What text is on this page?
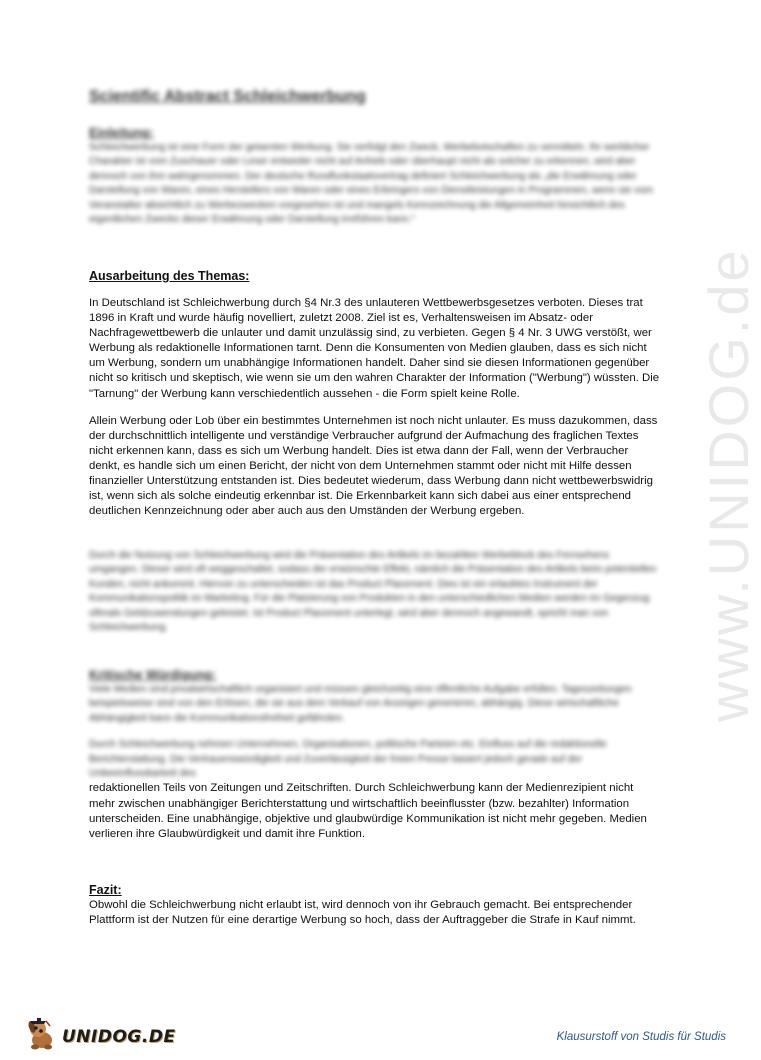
www.UNIDOG.de
Scientific Abstract Schleichwerbung

Einleitung:

Schleichwerbung ist eine Form der getarnten Werbung. Sie verfolgt den Zweck, Werbebotschaften zu vermitteln. Ihr werblicher Charakter ist vom Zuschauer oder Leser entweder nicht auf Anhieb oder überhaupt nicht als solcher zu erkennen, wird aber dennoch von ihm wahrgenommen. Der deutsche Rundfunkstaatsvertrag definiert Schleichwerbung als „die Erwähnung oder Darstellung von Waren, eines Herstellers von Waren oder eines Erbringers von Dienstleistungen in Programmen, wenn sie vom Veranstalter absichtlich zu Werbezwecken vorgesehen ist und mangels Kennzeichnung die Allgemeinheit hinsichtlich des eigentlichen Zwecks dieser Erwähnung oder Darstellung irreführen kann.“

Ausarbeitung des Themas:

In Deutschland ist Schleichwerbung durch §4 Nr.3 des unlauteren Wettbewerbsgesetzes verboten. Dieses trat 1896 in Kraft und wurde häufig novelliert, zuletzt 2008. Ziel ist es, Verhaltensweisen im Absatz- oder Nachfragewettbewerb die unlauter und damit unzulässig sind, zu verbieten. Gegen § 4 Nr. 3 UWG verstößt, wer Werbung als redaktionelle Informationen tarnt. Denn die Konsumenten von Medien glauben, dass es sich nicht um Werbung, sondern um unabhängige Informationen handelt. Daher sind sie diesen Informationen gegenüber nicht so kritisch und skeptisch, wie wenn sie um den wahren Charakter der Information ("Werbung") wüssten. Die "Tarnung" der Werbung kann verschiedentlich aussehen - die Form spielt keine Rolle.

Allein Werbung oder Lob über ein bestimmtes Unternehmen ist noch nicht unlauter. Es muss dazukommen, dass der durchschnittlich intelligente und verständige Verbraucher aufgrund der Aufmachung des fraglichen Textes nicht erkennen kann, dass es sich um Werbung handelt. Dies ist etwa dann der Fall, wenn der Verbraucher denkt, es handle sich um einen Bericht, der nicht von dem Unternehmen stammt oder nicht mit Hilfe dessen finanzieller Unterstützung entstanden ist. Dies bedeutet wiederum, dass Werbung dann nicht wettbewerbswidrig ist, wenn sich als solche eindeutig erkennbar ist. Die Erkennbarkeit kann sich dabei aus einer entsprechend deutlichen Kennzeichnung oder aber auch aus den Umständen der Werbung ergeben.

Durch die Nutzung von Schleichwerbung wird die Präsentation des Artikels im bezahlten Werbeblock des Fernsehens umgangen. Dieser wird oft weggeschaltet, sodass der erwünschte Effekt, nämlich die Präsentation des Artikels beim potentiellen Kunden, nicht ankommt. Hiervon zu unterscheiden ist das Product Placement. Dies ist ein erlaubtes Instrument der Kommunikationspolitik im Marketing. Für die Platzierung von Produkten in den unterschiedlichen Medien werden im Gegenzug oftmals Geldzuwendungen geleistet. Ist Product Placement unterlegt, wird aber dennoch angewandt, spricht man von Schleichwerbung.

Kritische Würdigung:

Viele Medien sind privatwirtschaftlich organisiert und müssen gleichzeitig eine öffentliche Aufgabe erfüllen. Tageszeitungen beispielsweise sind von den Erlösen, die sie aus dem Verkauf von Anzeigen generieren, abhängig. Diese wirtschaftliche Abhängigkeit kann die Kommunikationsfreiheit gefährden.

Durch Schleichwerbung nehmen Unternehmen, Organisationen, politische Parteien etc. Einfluss auf die redaktionelle Berichterstattung. Die Vertrauenswürdigkeit und Zuverlässigkeit der freien Presse basiert jedoch gerade auf der Unbeeinflussbarkeit des

redaktionellen Teils von Zeitungen und Zeitschriften. Durch Schleichwerbung kann der Medienrezipient nicht mehr zwischen unabhängiger Berichterstattung und wirtschaftlich beeinflusster (bzw. bezahlter) Information unterscheiden. Eine unabhängige, objektive und glaubwürdige Kommunikation ist nicht mehr gegeben. Medien verlieren ihre Glaubwürdigkeit und damit ihre Funktion.

Fazit:

Obwohl die Schleichwerbung nicht erlaubt ist, wird dennoch von ihr Gebrauch gemacht. Bei entsprechender Plattform ist der Nutzen für eine derartige Werbung so hoch, dass der Auftraggeber die Strafe in Kauf nimmt.

UNIDOG.DE	Klausurstoff von Studis für Studis
